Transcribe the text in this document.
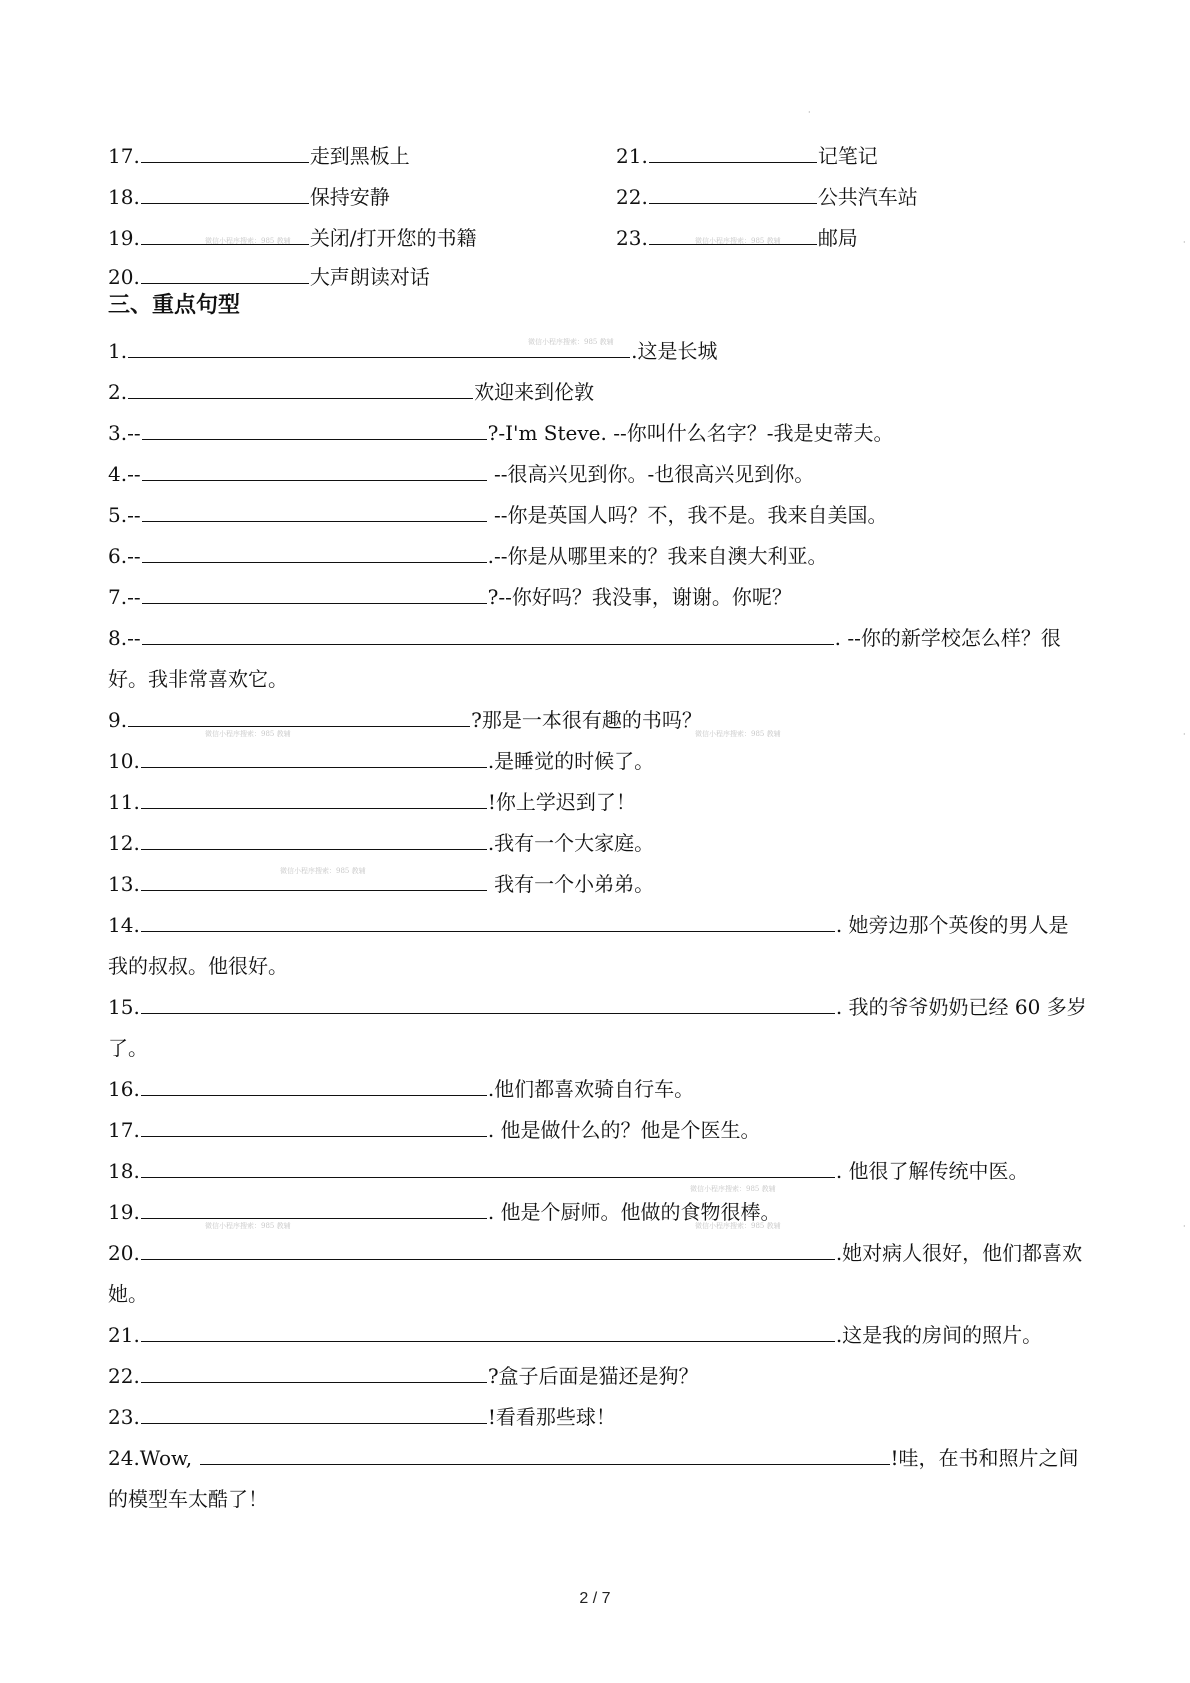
17.	走到黑板上
18.	保持安静
19.	关闭/打开您的书籍
20.	大声朗读对话
21.	记笔记
22.	公共汽车站
23.	邮局
三、重点句型
1.	.这是长城
2.	欢迎来到伦敦
3.--	?-I'm Steve. --你叫什么名字？-我是史蒂夫。
4.--	--很高兴见到你。-也很高兴见到你。
5.--	--你是英国人吗？不，我不是。我来自美国。
6.--	.--你是从哪里来的？我来自澳大利亚。
7.--	?--你好吗？我没事，谢谢。你呢？
8.--	. --你的新学校怎么样？很
好。我非常喜欢它。
9.	?那是一本很有趣的书吗？
10.	.是睡觉的时候了。
11.	!你上学迟到了！
12.	.我有一个大家庭。
13.	我有一个小弟弟。
14.	. 她旁边那个英俊的男人是
我的叔叔。他很好。
15.	. 我的爷爷奶奶已经 60 多岁
了。
16.	.他们都喜欢骑自行车。
17.	. 他是做什么的？他是个医生。
18.	. 他很了解传统中医。
19.	. 他是个厨师。他做的食物很棒。
20.	.她对病人很好，他们都喜欢
她。
21.	.这是我的房间的照片。
22.	?盒子后面是猫还是狗？
23.	!看看那些球！
24.Wow,	!哇，在书和照片之间
的模型车太酷了！
微信小程序搜索：985 教辅	微信小程序搜索：985 教辅
微信小程序搜索：985 教辅
微信小程序搜索：985 教辅	微信小程序搜索：985 教辅
微信小程序搜索：985 教辅
微信小程序搜索：985 教辅
微信小程序搜索：985 教辅	微信小程序搜索：985 教辅
·
·
·
·
2 / 7
